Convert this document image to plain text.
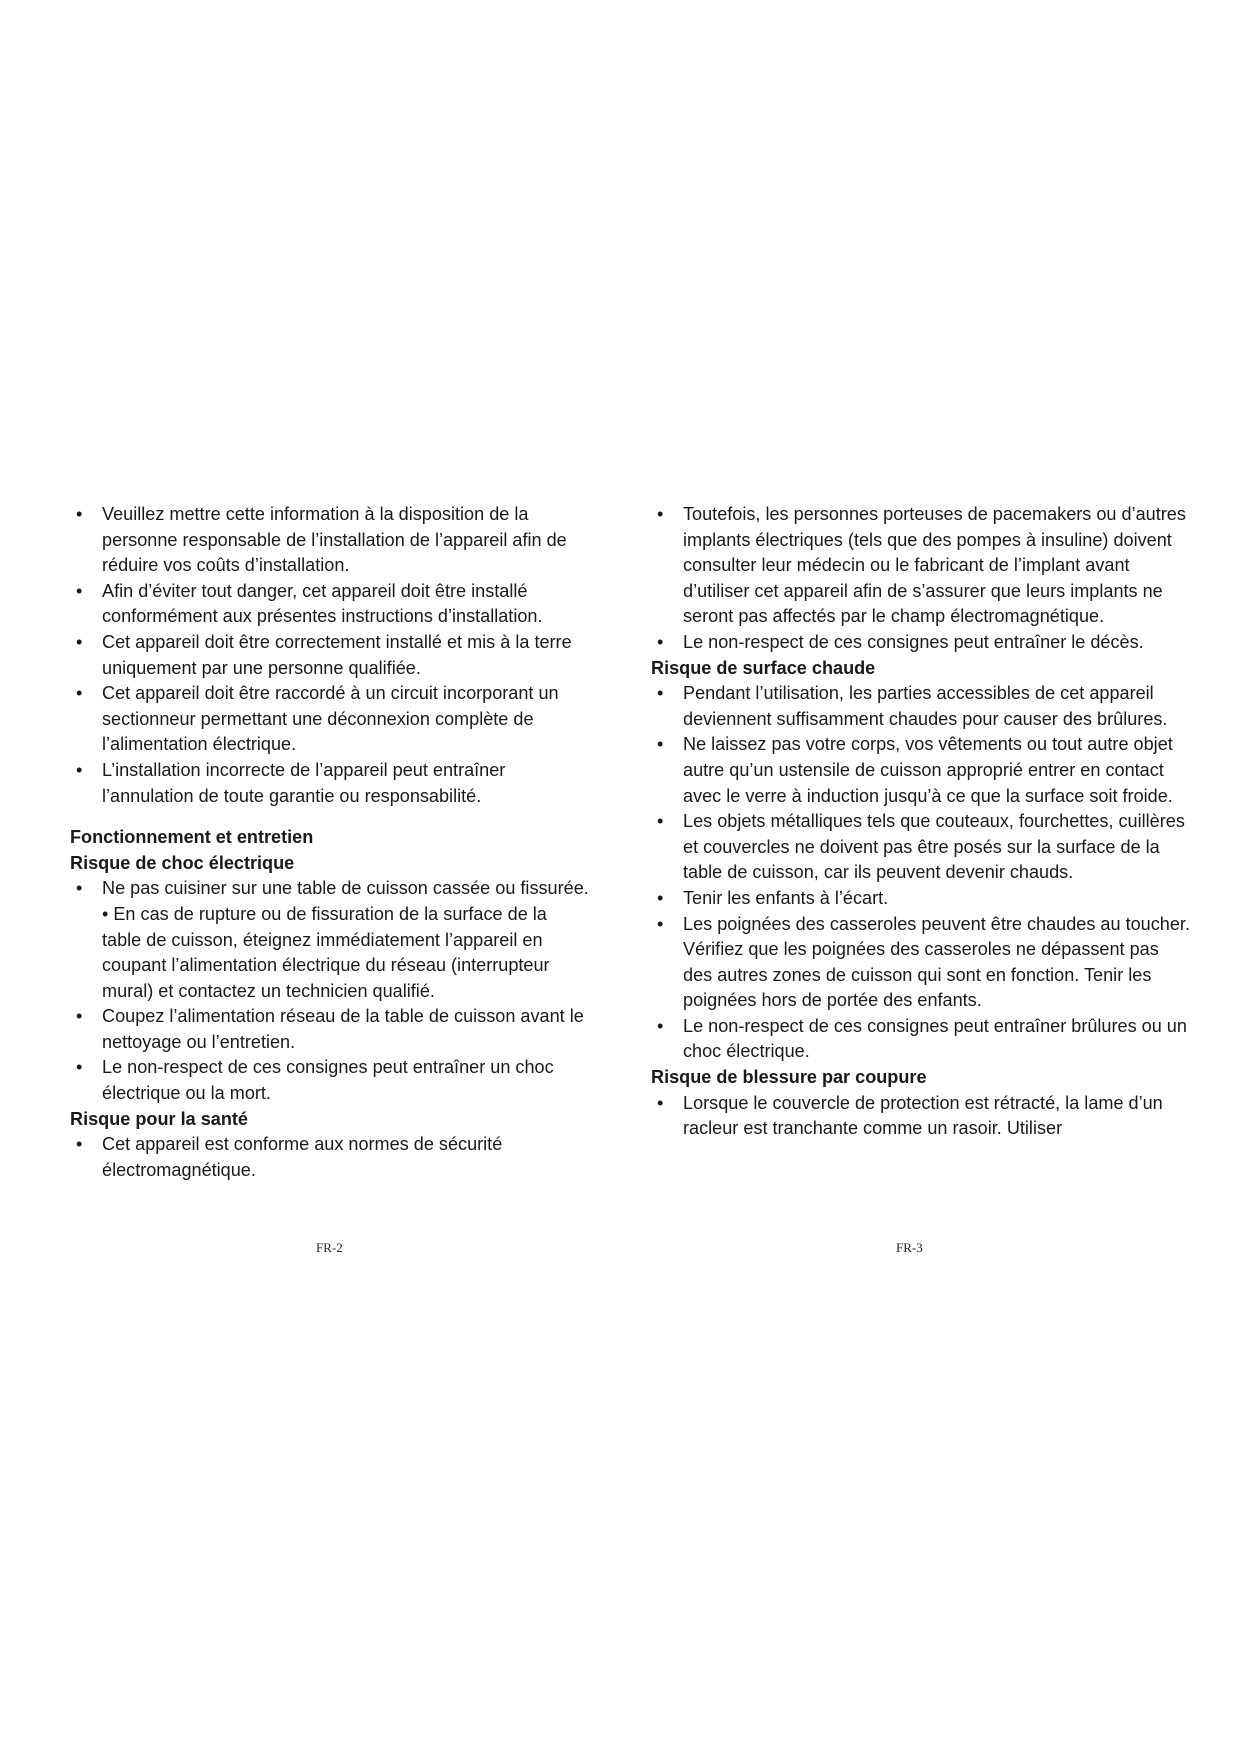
• Veuillez mettre cette information à la disposition de la personne responsable de l’installation de l’appareil afin de réduire vos coûts d’installation.
• Afin d’éviter tout danger, cet appareil doit être installé conformément aux présentes instructions d’installation.
• Cet appareil doit être correctement installé et mis à la terre uniquement par une personne qualifiée.
• Cet appareil doit être raccordé à un circuit incorporant un sectionneur permettant une déconnexion complète de l’alimentation électrique.
• L’installation incorrecte de l’appareil peut entraîner l’annulation de toute garantie ou responsabilité.

Fonctionnement et entretien

Risque de choc électrique

• Ne pas cuisiner sur une table de cuisson cassée ou fissurée. • En cas de rupture ou de fissuration de la surface de la table de cuisson, éteignez immédiatement l’appareil en coupant l’alimentation électrique du réseau (interrupteur mural) et contactez un technicien qualifié.
• Coupez l’alimentation réseau de la table de cuisson avant le nettoyage ou l’entretien.
• Le non-respect de ces consignes peut entraîner un choc électrique ou la mort.

Risque pour la santé

• Cet appareil est conforme aux normes de sécurité électromagnétique.
• Toutefois, les personnes porteuses de pacemakers ou d’autres implants électriques (tels que des pompes à insuline) doivent consulter leur médecin ou le fabricant de l’implant avant d’utiliser cet appareil afin de s’assurer que leurs implants ne seront pas affectés par le champ électromagnétique.
• Le non-respect de ces consignes peut entraîner le décès.

Risque de surface chaude

• Pendant l’utilisation, les parties accessibles de cet appareil deviennent suffisamment chaudes pour causer des brûlures.
• Ne laissez pas votre corps, vos vêtements ou tout autre objet autre qu’un ustensile de cuisson approprié entrer en contact avec le verre à induction jusqu’à ce que la surface soit froide.
• Les objets métalliques tels que couteaux, fourchettes, cuillères et couvercles ne doivent pas être posés sur la surface de la table de cuisson, car ils peuvent devenir chauds.
• Tenir les enfants à l’écart.
• Les poignées des casseroles peuvent être chaudes au toucher. Vérifiez que les poignées des casseroles ne dépassent pas des autres zones de cuisson qui sont en fonction. Tenir les poignées hors de portée des enfants.
• Le non-respect de ces consignes peut entraîner brûlures ou un choc électrique.

Risque de blessure par coupure

• Lorsque le couvercle de protection est rétracté, la lame d’un racleur est tranchante comme un rasoir. Utiliser
FR-2	FR-3
